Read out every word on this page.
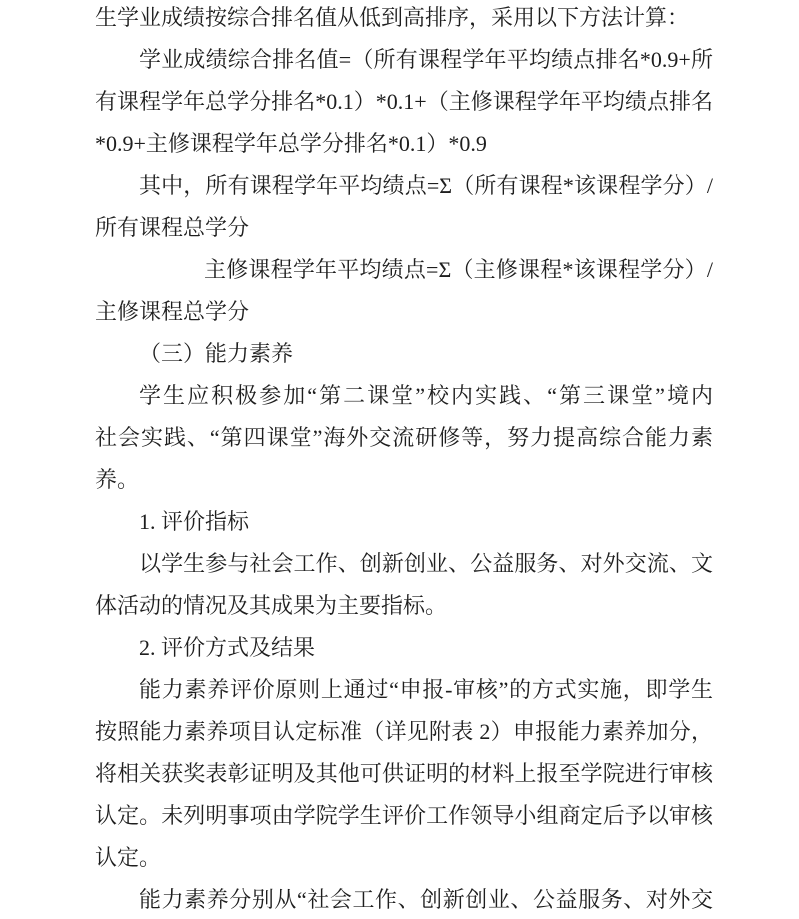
生学业成绩按综合排名值从低到高排序，采用以下方法计算：
学业成绩综合排名值=（所有课程学年平均绩点排名*0.9+所
有课程学年总学分排名*0.1）*0.1+（主修课程学年平均绩点排名
*0.9+主修课程学年总学分排名*0.1）*0.9
其中，所有课程学年平均绩点=Σ（所有课程*该课程学分）/
所有课程总学分
主修课程学年平均绩点=Σ（主修课程*该课程学分）/
主修课程总学分
（三）能力素养
学生应积极参加“第二课堂”校内实践、“第三课堂”境内
社会实践、“第四课堂”海外交流研修等，努力提高综合能力素
养。
1. 评价指标
以学生参与社会工作、创新创业、公益服务、对外交流、文
体活动的情况及其成果为主要指标。
2. 评价方式及结果
能力素养评价原则上通过“申报-审核”的方式实施，即学生
按照能力素养项目认定标准（详见附表 2）申报能力素养加分，
将相关获奖表彰证明及其他可供证明的材料上报至学院进行审核
认定。未列明事项由学院学生评价工作领导小组商定后予以审核
认定。
能力素养分别从“社会工作、创新创业、公益服务、对外交
